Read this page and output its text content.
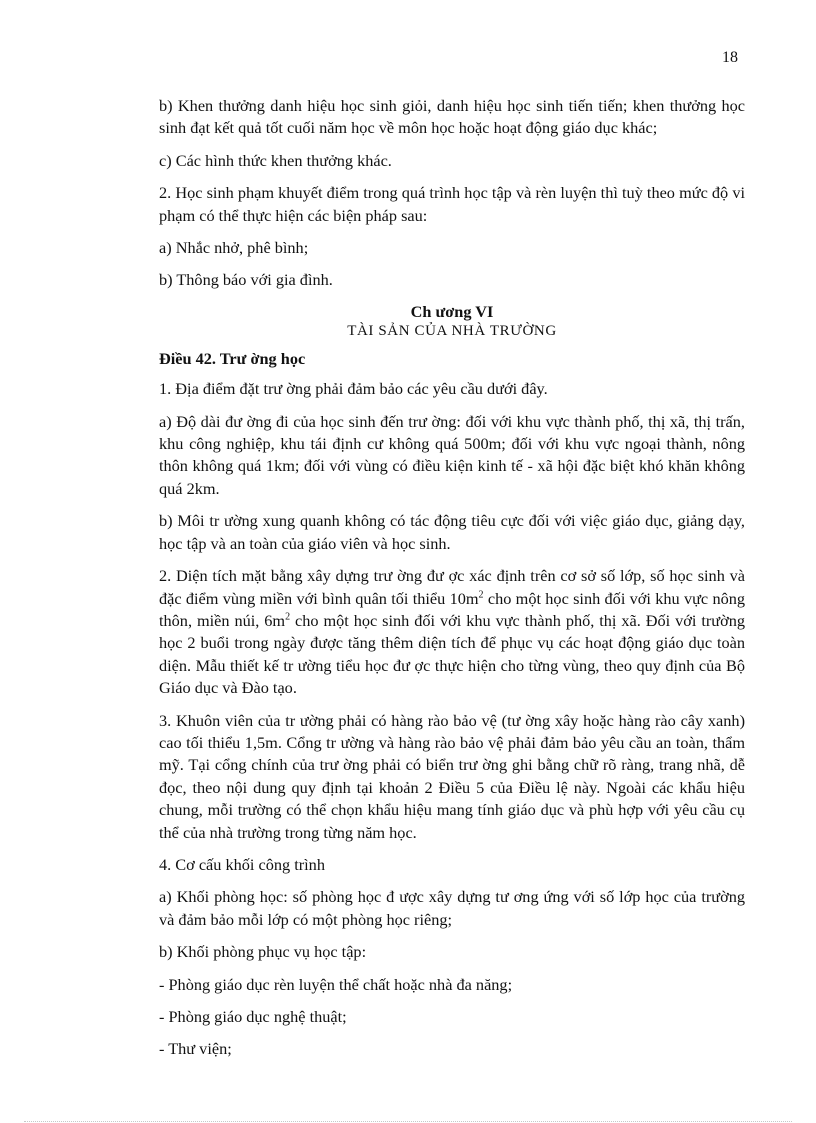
18

b) Khen thưởng danh hiệu học sinh giỏi, danh hiệu học sinh tiến tiến; khen thưởng học sinh đạt kết quả tốt cuối năm học về môn học hoặc hoạt động giáo dục khác;

c) Các hình thức khen thưởng khác.

2. Học sinh phạm khuyết điểm trong quá trình học tập và rèn luyện thì tuỳ theo mức độ vi phạm có thể thực hiện các biện pháp sau:

a) Nhắc nhở, phê bình;

b) Thông báo với gia đình.

Ch ương VI
TÀI SẢN CỦA NHÀ TRƯỜNG

Điều 42. Trư ờng học

1. Địa điểm đặt trư ờng phải đảm bảo các yêu cầu dưới đây.

a) Độ dài đư ờng đi của học sinh đến trư ờng: đối với khu vực thành phố, thị xã, thị trấn, khu công nghiệp, khu tái định cư không quá 500m; đối với khu vực ngoại thành, nông thôn không quá 1km; đối với vùng có điều kiện kinh tế - xã hội đặc biệt khó khăn không quá 2km.

b) Môi tr ường xung quanh không có tác động tiêu cực đối với việc giáo dục, giảng dạy, học tập và an toàn của giáo viên và học sinh.

2. Diện tích mặt bằng xây dựng trư ờng đư ợc xác định trên cơ sở số lớp, số học sinh và đặc điểm vùng miền với bình quân tối thiểu $10m^2$ cho một học sinh đối với khu vực nông thôn, miền núi, $6m^2$ cho một học sinh đối với khu vực thành phố, thị xã. Đối với trường học 2 buổi trong ngày được tăng thêm diện tích để phục vụ các hoạt động giáo dục toàn diện. Mẫu thiết kế tr ường tiểu học đư ợc thực hiện cho từng vùng, theo quy định của Bộ Giáo dục và Đào tạo.

3. Khuôn viên của tr ường phải có hàng rào bảo vệ (tư ờng xây hoặc hàng rào cây xanh) cao tối thiểu 1,5m. Cổng tr ường và hàng rào bảo vệ phải đảm bảo yêu cầu an toàn, thẩm mỹ. Tại cổng chính của trư ờng phải có biển trư ờng ghi bằng chữ rõ ràng, trang nhã, dễ đọc, theo nội dung quy định tại khoản 2 Điều 5 của Điều lệ này. Ngoài các khẩu hiệu chung, mỗi trường có thể chọn khẩu hiệu mang tính giáo dục và phù hợp với yêu cầu cụ thể của nhà trường trong từng năm học.

4. Cơ cấu khối công trình

a) Khối phòng học: số phòng học đ ược xây dựng tư ơng ứng với số lớp học của trường và đảm bảo mỗi lớp có một phòng học riêng;

b) Khối phòng phục vụ học tập:

- Phòng giáo dục rèn luyện thể chất hoặc nhà đa năng;

- Phòng giáo dục nghệ thuật;

- Thư viện;
